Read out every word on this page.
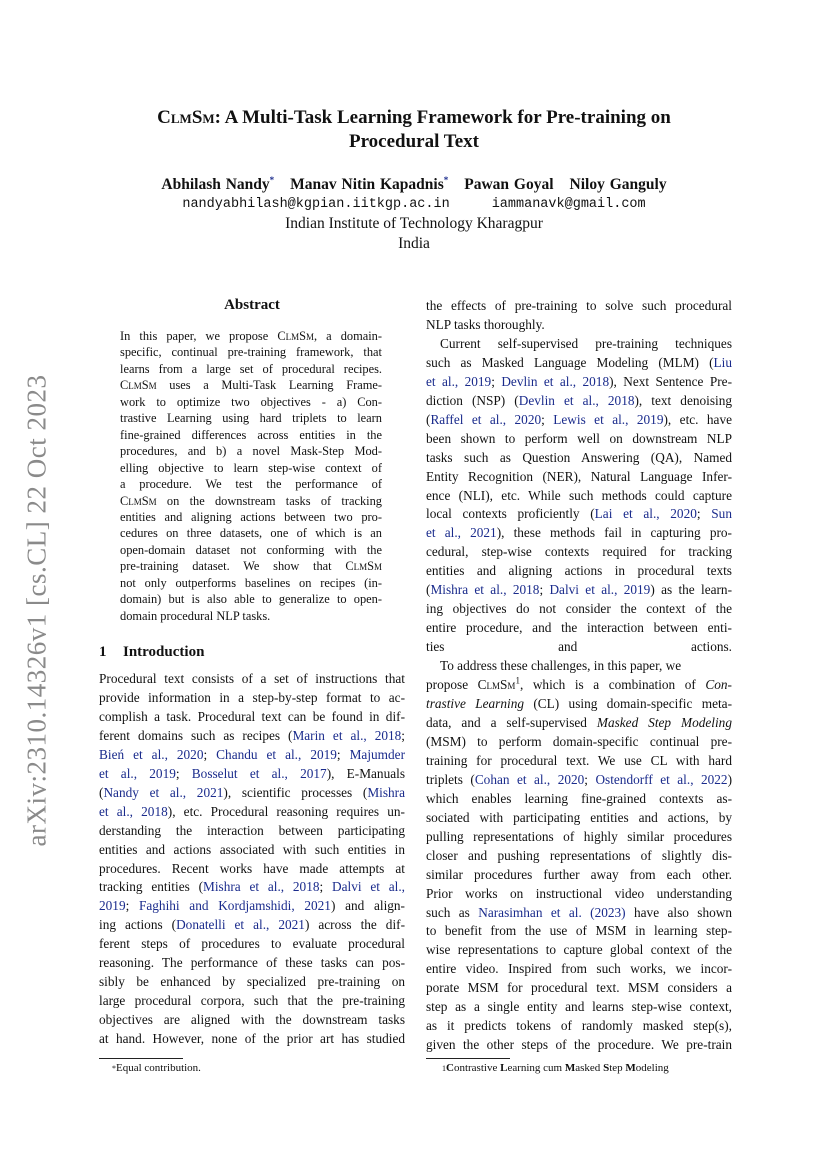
arXiv:2310.14326v1 [cs.CL] 22 Oct 2023
ClmSm: A Multi-Task Learning Framework for Pre-training on
Procedural Text
Abhilash Nandy* Manav Nitin Kapadnis* Pawan Goyal Niloy Ganguly
nandyabhilash@kgpian.iitkgp.ac.in	iammanavk@gmail.com
Indian Institute of Technology Kharagpur
India
Abstract
In this paper, we propose ClmSm, a domain-
specific, continual pre-training framework, that
learns from a large set of procedural recipes.
ClmSm uses a Multi-Task Learning Frame-
work to optimize two objectives - a) Con-
trastive Learning using hard triplets to learn
fine-grained differences across entities in the
procedures, and b) a novel Mask-Step Mod-
elling objective to learn step-wise context of
a procedure. We test the performance of
ClmSm on the downstream tasks of tracking
entities and aligning actions between two pro-
cedures on three datasets, one of which is an
open-domain dataset not conforming with the
pre-training dataset. We show that ClmSm
not only outperforms baselines on recipes (in-
domain) but is also able to generalize to open-
domain procedural NLP tasks.
1 Introduction
Procedural text consists of a set of instructions that
provide information in a step-by-step format to ac-
complish a task. Procedural text can be found in dif-
ferent domains such as recipes (Marin et al., 2018;
Bień et al., 2020; Chandu et al., 2019; Majumder
et al., 2019; Bosselut et al., 2017), E-Manuals
(Nandy et al., 2021), scientific processes (Mishra
et al., 2018), etc. Procedural reasoning requires un-
derstanding the interaction between participating
entities and actions associated with such entities in
procedures. Recent works have made attempts at
tracking entities (Mishra et al., 2018; Dalvi et al.,
2019; Faghihi and Kordjamshidi, 2021) and align-
ing actions (Donatelli et al., 2021) across the dif-
ferent steps of procedures to evaluate procedural
reasoning. The performance of these tasks can pos-
sibly be enhanced by specialized pre-training on
large procedural corpora, such that the pre-training
objectives are aligned with the downstream tasks
at hand. However, none of the prior art has studied
the effects of pre-training to solve such procedural
NLP tasks thoroughly.
Current self-supervised pre-training techniques
such as Masked Language Modeling (MLM) (Liu
et al., 2019; Devlin et al., 2018), Next Sentence Pre-
diction (NSP) (Devlin et al., 2018), text denoising
(Raffel et al., 2020; Lewis et al., 2019), etc. have
been shown to perform well on downstream NLP
tasks such as Question Answering (QA), Named
Entity Recognition (NER), Natural Language Infer-
ence (NLI), etc. While such methods could capture
local contexts proficiently (Lai et al., 2020; Sun
et al., 2021), these methods fail in capturing pro-
cedural, step-wise contexts required for tracking
entities and aligning actions in procedural texts
(Mishra et al., 2018; Dalvi et al., 2019) as the learn-
ing objectives do not consider the context of the
entire procedure, and the interaction between enti-
ties and actions.
To address these challenges, in this paper, we
propose ClmSm$^1$, which is a combination of Con-
trastive Learning (CL) using domain-specific meta-
data, and a self-supervised Masked Step Modeling
(MSM) to perform domain-specific continual pre-
training for procedural text. We use CL with hard
triplets (Cohan et al., 2020; Ostendorff et al., 2022)
which enables learning fine-grained contexts as-
sociated with participating entities and actions, by
pulling representations of highly similar procedures
closer and pushing representations of slightly dis-
similar procedures further away from each other.
Prior works on instructional video understanding
such as Narasimhan et al. (2023) have also shown
to benefit from the use of MSM in learning step-
wise representations to capture global context of the
entire video. Inspired from such works, we incor-
porate MSM for procedural text. MSM considers a
step as a single entity and learns step-wise context,
as it predicts tokens of randomly masked step(s),
given the other steps of the procedure. We pre-train
*Equal contribution.	$^1$Contrastive Learning cum Masked Step Modeling
